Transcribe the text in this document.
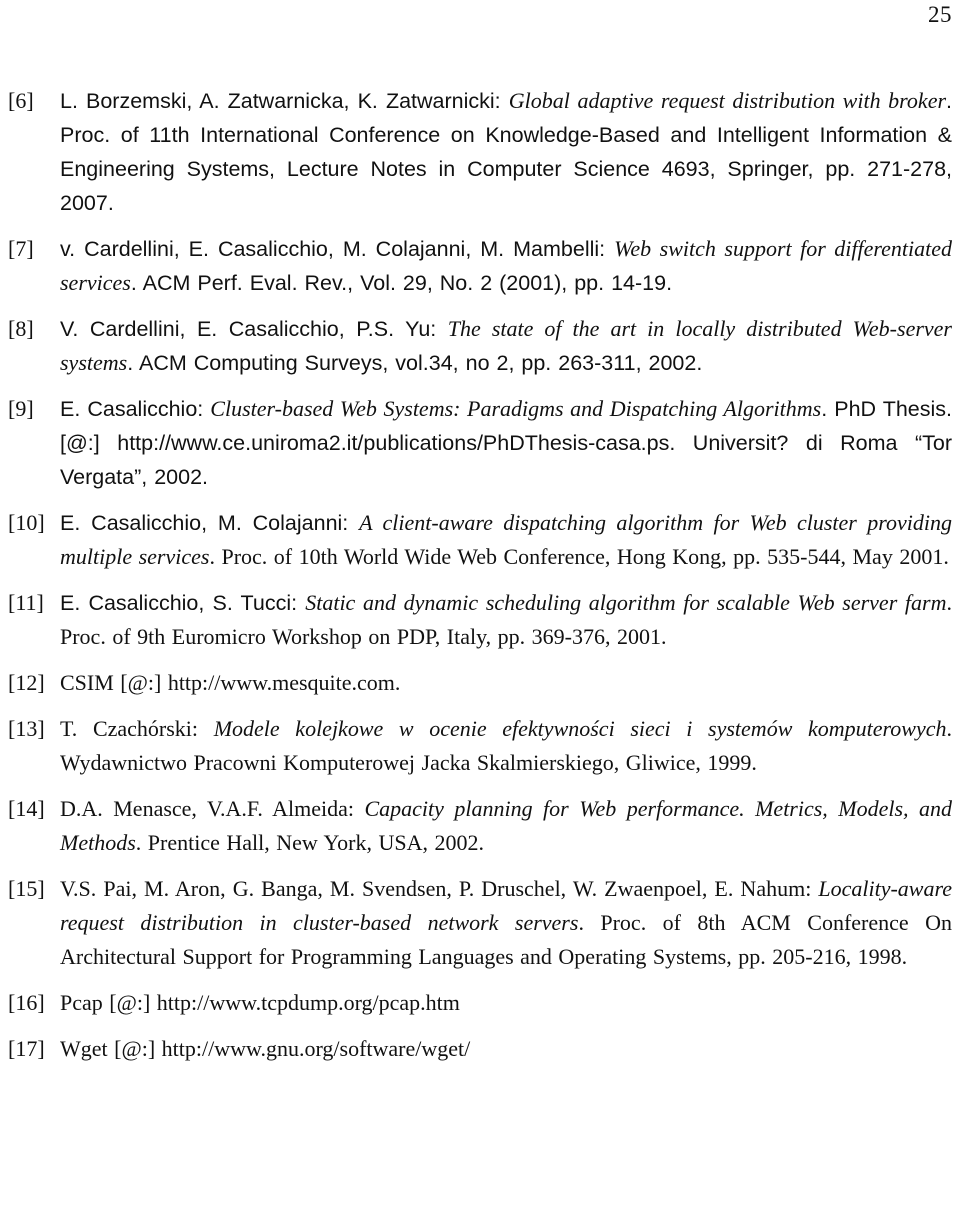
25
[6]	L. Borzemski, A. Zatwarnicka, K. Zatwarnicki: Global adaptive request distribution with broker. Proc. of 11th International Conference on Knowledge-Based and Intelligent Information & Engineering Systems, Lecture Notes in Computer Science 4693, Springer, pp. 271-278, 2007.
[7]	v. Cardellini, E. Casalicchio, M. Colajanni, M. Mambelli: Web switch support for differentiated services. ACM Perf. Eval. Rev., Vol. 29, No. 2 (2001), pp. 14-19.
[8]	V. Cardellini, E. Casalicchio, P.S. Yu: The state of the art in locally distributed Web-server systems. ACM Computing Surveys, vol.34, no 2, pp. 263-311, 2002.
[9]	E. Casalicchio: Cluster-based Web Systems: Paradigms and Dispatching Algorithms. PhD Thesis. [@:] http://www.ce.uniroma2.it/publications/PhDThesis-casa.ps. Universit? di Roma “Tor Vergata”, 2002.
[10] E. Casalicchio, M. Colajanni: A client-aware dispatching algorithm for Web cluster providing multiple services. Proc. of 10th World Wide Web Conference, Hong Kong, pp. 535-544, May 2001.
[11] E. Casalicchio, S. Tucci: Static and dynamic scheduling algorithm for scalable Web server farm. Proc. of 9th Euromicro Workshop on PDP, Italy, pp. 369-376, 2001.
[12] CSIM [@:] http://www.mesquite.com.
[13] T. Czachórski: Modele kolejkowe w ocenie efektywności sieci i systemów komputerowych. Wydawnictwo Pracowni Komputerowej Jacka Skalmierskiego, Gliwice, 1999.
[14] D.A. Menasce, V.A.F. Almeida: Capacity planning for Web performance. Metrics, Models, and Methods. Prentice Hall, New York, USA, 2002.
[15] V.S. Pai, M. Aron, G. Banga, M. Svendsen, P. Druschel, W. Zwaenpoel, E. Nahum: Locality-aware request distribution in cluster-based network servers. Proc. of 8th ACM Conference On Architectural Support for Programming Languages and Operating Systems, pp. 205-216, 1998.
[16] Pcap [@:] http://www.tcpdump.org/pcap.htm
[17] Wget [@:] http://www.gnu.org/software/wget/
